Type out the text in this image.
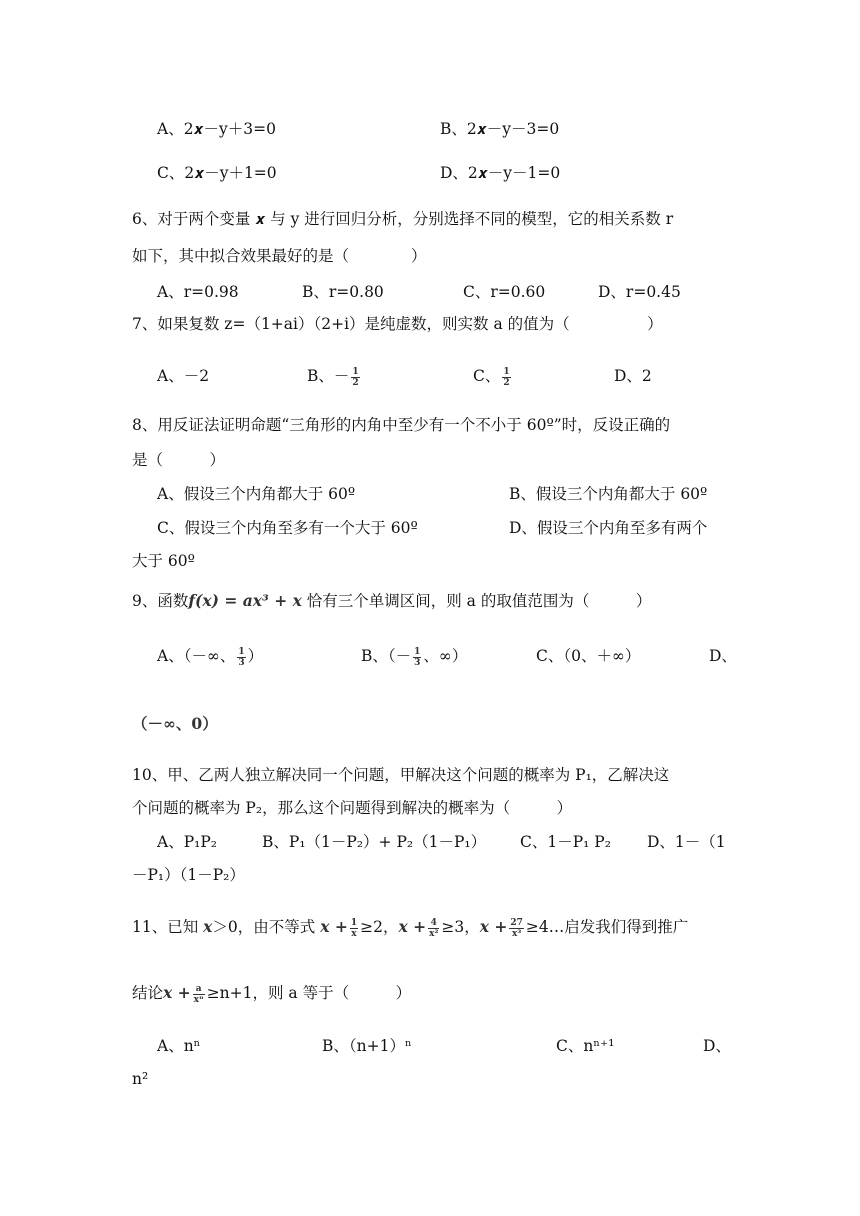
A、2𝒙－y＋3=0	B、2𝒙－y－3=0
C、2𝒙－y＋1=0	D、2𝒙－y－1=0
6、对于两个变量 𝒙 与 y 进行回归分析，分别选择不同的模型，它的相关系数 r
如下，其中拟合效果最好的是（　　　　）
A、r=0.98	B、r=0.80	C、r=0.60	D、r=0.45
7、如果复数 z=（1+ai）（2+i）是纯虚数，则实数 a 的值为（　　　　　）
A、－2	B、－ $\frac{1}{2}$	C、 $\frac{1}{2}$	D、2
8、用反证法证明命题“三角形的内角中至少有一个不小于 60º”时，反设正确的
是（　　　）
A、假设三个内角都大于 60º	B、假设三个内角都大于 60º
C、假设三个内角至多有一个大于 60º	D、假设三个内角至多有两个
大于 60º
9、函数f(x) = 𝒂𝒙³ + 𝒙 恰有三个单调区间，则 a 的取值范围为（　　　）
A、（－∞、 $\frac{1}{3}$ ）	B、（－ $\frac{1}{3}$ 、∞）	C、（0、＋∞）	D、
（－∞、0）
10、甲、乙两人独立解决同一个问题，甲解决这个问题的概率为 P₁，乙解决这
个问题的概率为 P₂，那么这个问题得到解决的概率为（　　　）
A、P₁P₂	B、P₁（1－P₂）+ P₂（1－P₁） C、1－P₁ P₂ D、1－（1
－P₁）（1－P₂）
11、已知 𝒙＞0，由不等式 𝒙 + $\frac{1}{x} \ge 2$，𝒙 + $\frac{4}{\text{x²}} \ge 3$，𝒙 + $\frac{27}{\text{x³}}$ ≥4…启发我们得到推广
结论𝒙 + $\frac{a}{\text{xⁿ}} \ge n+1$，则 a 等于（　　　）
A、nⁿ	B、（n+1）ⁿ	C、nⁿ⁺¹	D、
n²
